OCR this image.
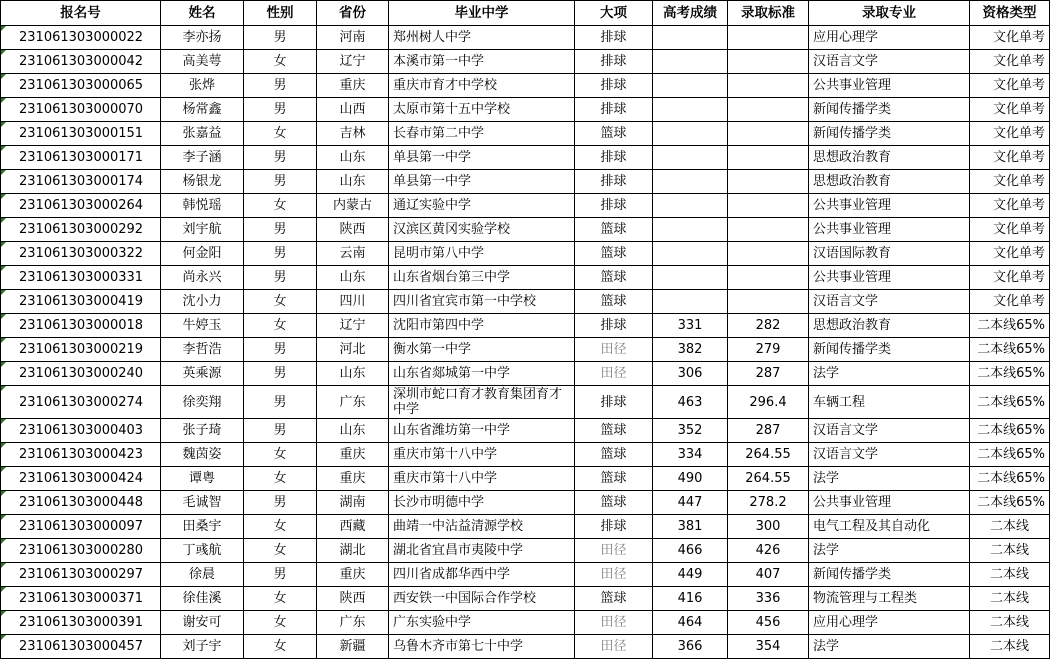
报名号	姓名	性别	省份	毕业中学	大项	高考成绩	录取标准	录取专业	资格类型
231061303000022	李亦扬	男	河南	郑州树人中学	排球			应用心理学	文化单考
231061303000042	高美萼	女	辽宁	本溪市第一中学	排球			汉语言文学	文化单考
231061303000065	张烨	男	重庆	重庆市育才中学校	排球			公共事业管理	文化单考
231061303000070	杨常鑫	男	山西	太原市第十五中学校	排球			新闻传播学类	文化单考
231061303000151	张嘉益	女	吉林	长春市第二中学	篮球			新闻传播学类	文化单考
231061303000171	李子涵	男	山东	单县第一中学	排球			思想政治教育	文化单考
231061303000174	杨银龙	男	山东	单县第一中学	排球			思想政治教育	文化单考
231061303000264	韩悦瑶	女	内蒙古	通辽实验中学	排球			公共事业管理	文化单考
231061303000292	刘宇航	男	陕西	汉滨区黄冈实验学校	篮球			公共事业管理	文化单考
231061303000322	何金阳	男	云南	昆明市第八中学	篮球			汉语国际教育	文化单考
231061303000331	尚永兴	男	山东	山东省烟台第三中学	篮球			公共事业管理	文化单考
231061303000419	沈小力	女	四川	四川省宜宾市第一中学校	篮球			汉语言文学	文化单考
231061303000018	牛婷玉	女	辽宁	沈阳市第四中学	排球	331	282	思想政治教育	二本线65%
231061303000219	李哲浩	男	河北	衡水第一中学	田径	382	279	新闻传播学类	二本线65%
231061303000240	英乘源	男	山东	山东省郯城第一中学	田径	306	287	法学	二本线65%
231061303000274	徐奕翔	男	广东	深圳市蛇口育才教育集团育才中学	排球	463	296.4	车辆工程	二本线65%
231061303000403	张子琦	男	山东	山东省潍坊第一中学	篮球	352	287	汉语言文学	二本线65%
231061303000423	魏茵姿	女	重庆	重庆市第十八中学	篮球	334	264.55	汉语言文学	二本线65%
231061303000424	谭粤	女	重庆	重庆市第十八中学	篮球	490	264.55	法学	二本线65%
231061303000448	毛诚智	男	湖南	长沙市明德中学	篮球	447	278.2	公共事业管理	二本线65%
231061303000097	田桑宇	女	西藏	曲靖一中沾益清源学校	排球	381	300	电气工程及其自动化	二本线
231061303000280	丁彧航	女	湖北	湖北省宜昌市夷陵中学	田径	466	426	法学	二本线
231061303000297	徐晨	男	重庆	四川省成都华西中学	田径	449	407	新闻传播学类	二本线
231061303000371	徐佳溪	女	陕西	西安铁一中国际合作学校	篮球	416	336	物流管理与工程类	二本线
231061303000391	谢安可	女	广东	广东实验中学	田径	464	456	应用心理学	二本线
231061303000457	刘子宇	女	新疆	乌鲁木齐市第七十中学	田径	366	354	法学	二本线
